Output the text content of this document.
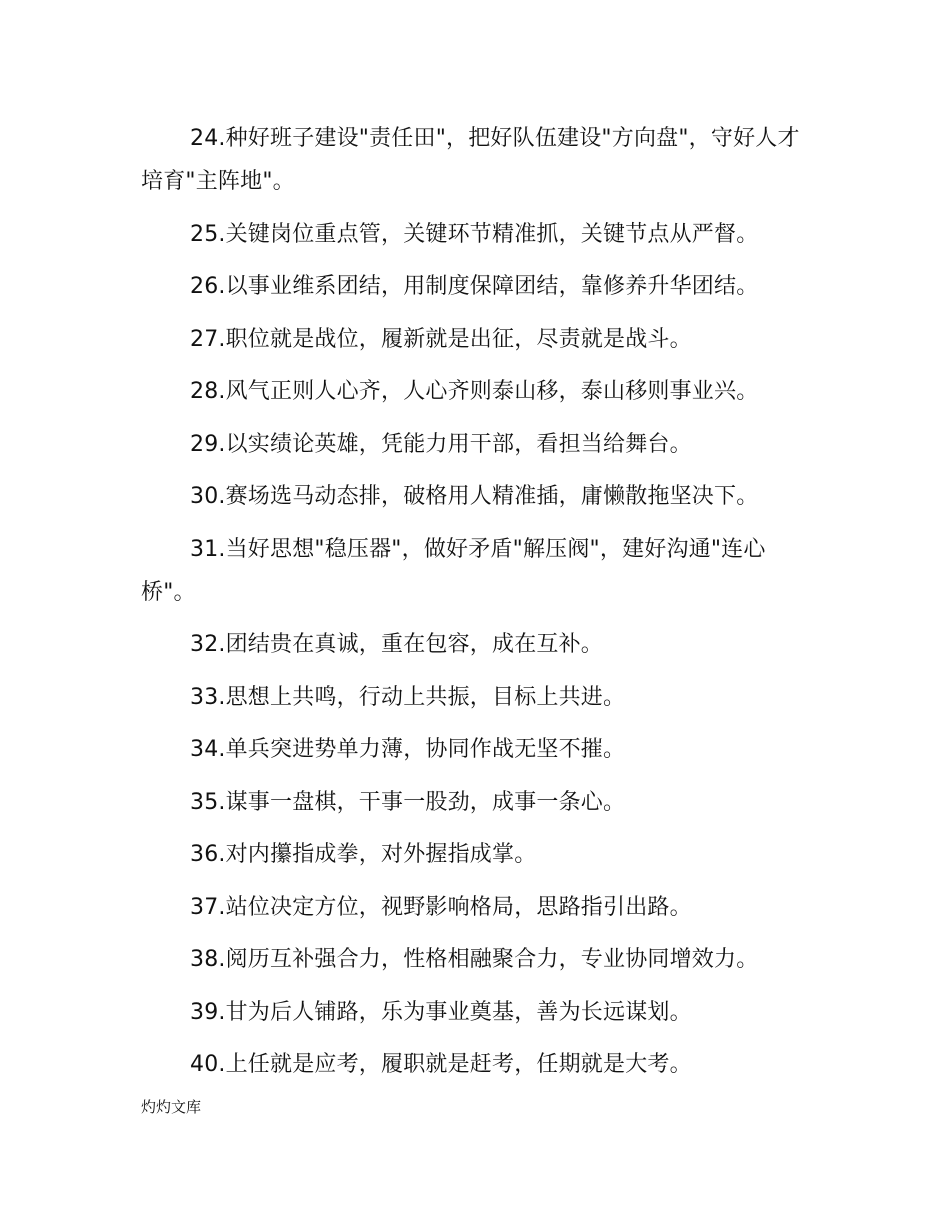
24.种好班子建设"责任田"，把好队伍建设"方向盘"，守好人才培育"主阵地"。

25.关键岗位重点管，关键环节精准抓，关键节点从严督。

26.以事业维系团结，用制度保障团结，靠修养升华团结。

27.职位就是战位，履新就是出征，尽责就是战斗。

28.风气正则人心齐，人心齐则泰山移，泰山移则事业兴。

29.以实绩论英雄，凭能力用干部，看担当给舞台。

30.赛场选马动态排，破格用人精准插，庸懒散拖坚决下。

31.当好思想"稳压器"，做好矛盾"解压阀"，建好沟通"连心桥"。

32.团结贵在真诚，重在包容，成在互补。

33.思想上共鸣，行动上共振，目标上共进。

34.单兵突进势单力薄，协同作战无坚不摧。

35.谋事一盘棋，干事一股劲，成事一条心。

36.对内攥指成拳，对外握指成掌。

37.站位决定方位，视野影响格局，思路指引出路。

38.阅历互补强合力，性格相融聚合力，专业协同增效力。

39.甘为后人铺路，乐为事业奠基，善为长远谋划。

40.上任就是应考，履职就是赶考，任期就是大考。

灼灼文库
